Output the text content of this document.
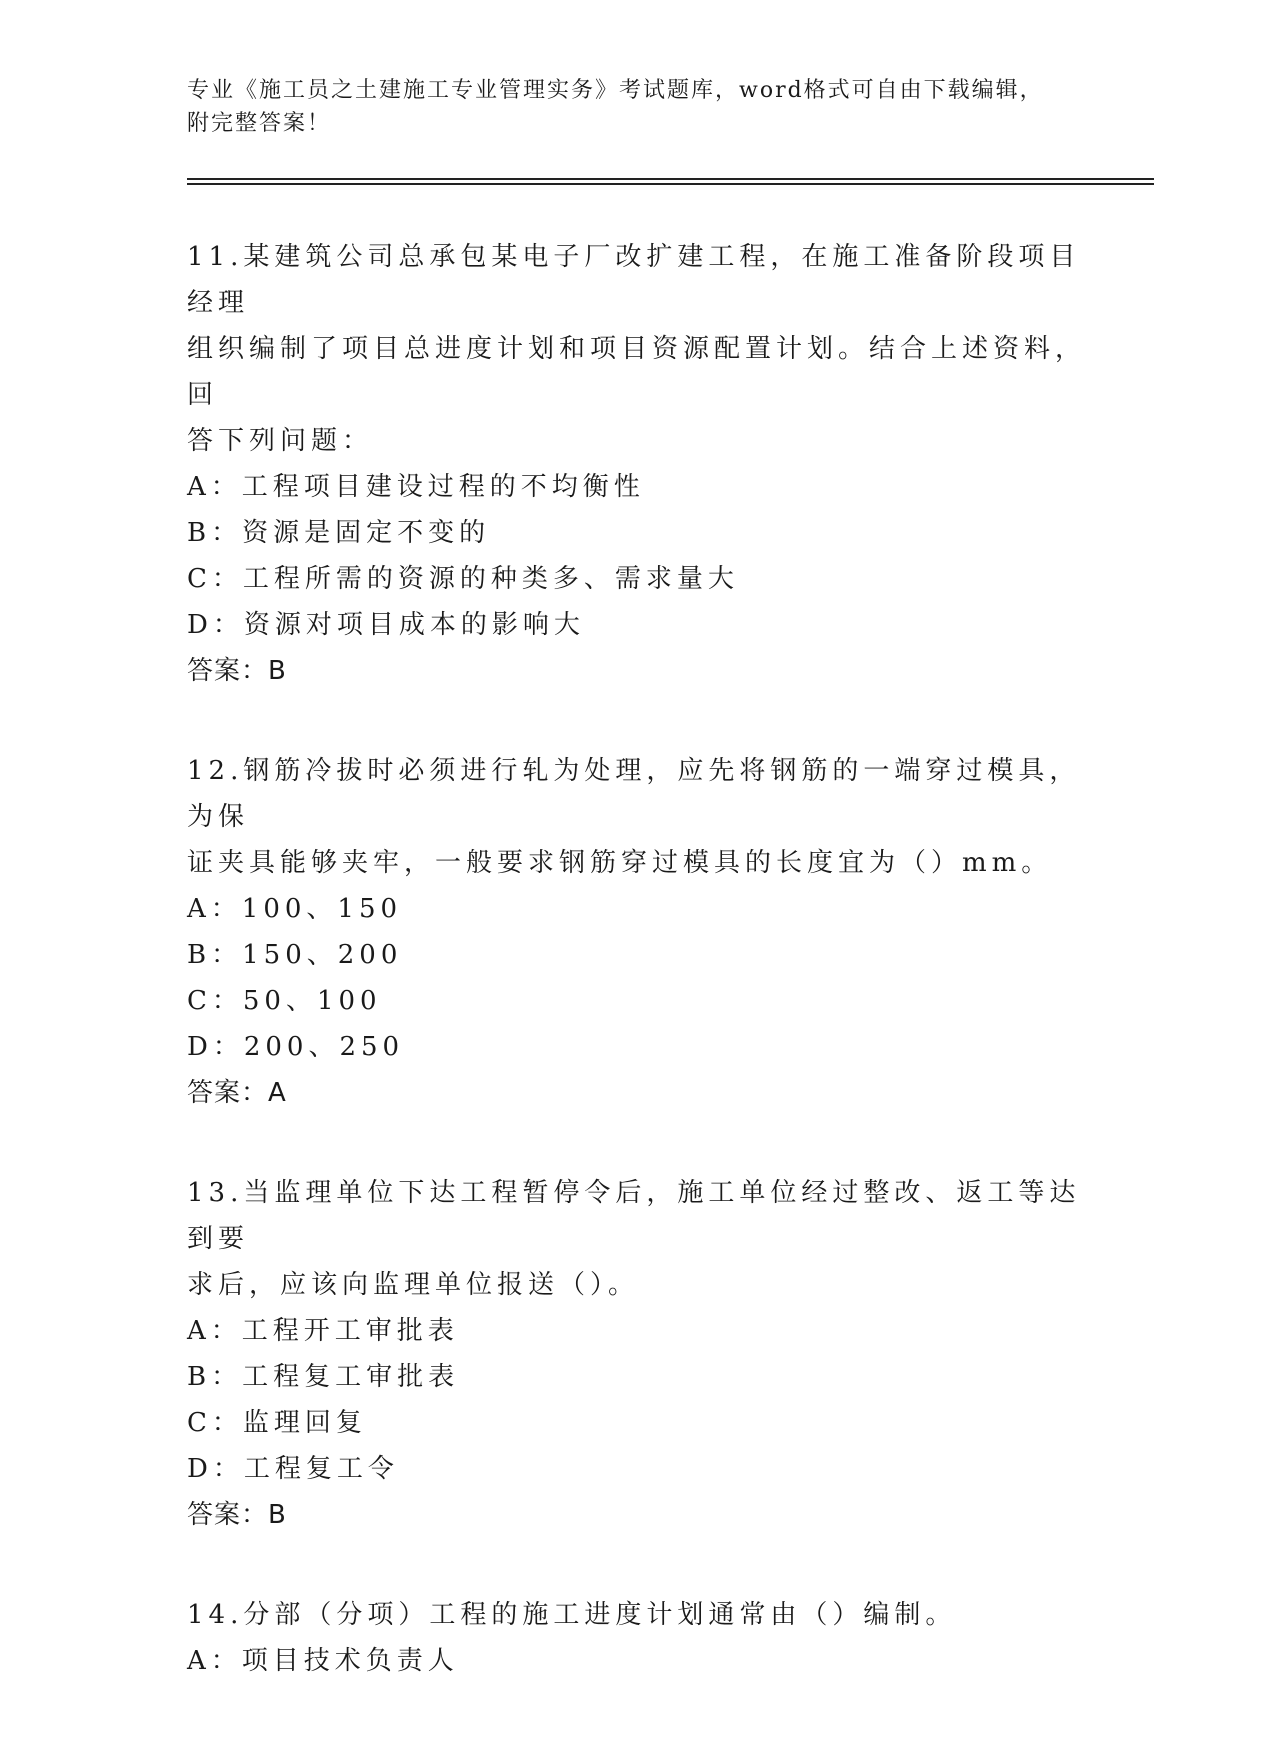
专业《施工员之土建施工专业管理实务》考试题库，word格式可自由下载编辑，
附完整答案！

11.某建筑公司总承包某电子厂改扩建工程，在施工准备阶段项目经理

组织编制了项目总进度计划和项目资源配置计划。结合上述资料，回

答下列问题：

A：工程项目建设过程的不均衡性

B：资源是固定不变的

C：工程所需的资源的种类多、需求量大

D：资源对项目成本的影响大

答案：B

12.钢筋冷拔时必须进行轧为处理，应先将钢筋的一端穿过模具，为保

证夹具能够夹牢，一般要求钢筋穿过模具的长度宜为（）mm。

A：100、150

B：150、200

C：50、100

D：200、250

答案：A

13.当监理单位下达工程暂停令后，施工单位经过整改、返工等达到要

求后，应该向监理单位报送（）。

A：工程开工审批表

B：工程复工审批表

C：监理回复

D：工程复工令

答案：B

14.分部（分项）工程的施工进度计划通常由（）编制。

A：项目技术负责人
